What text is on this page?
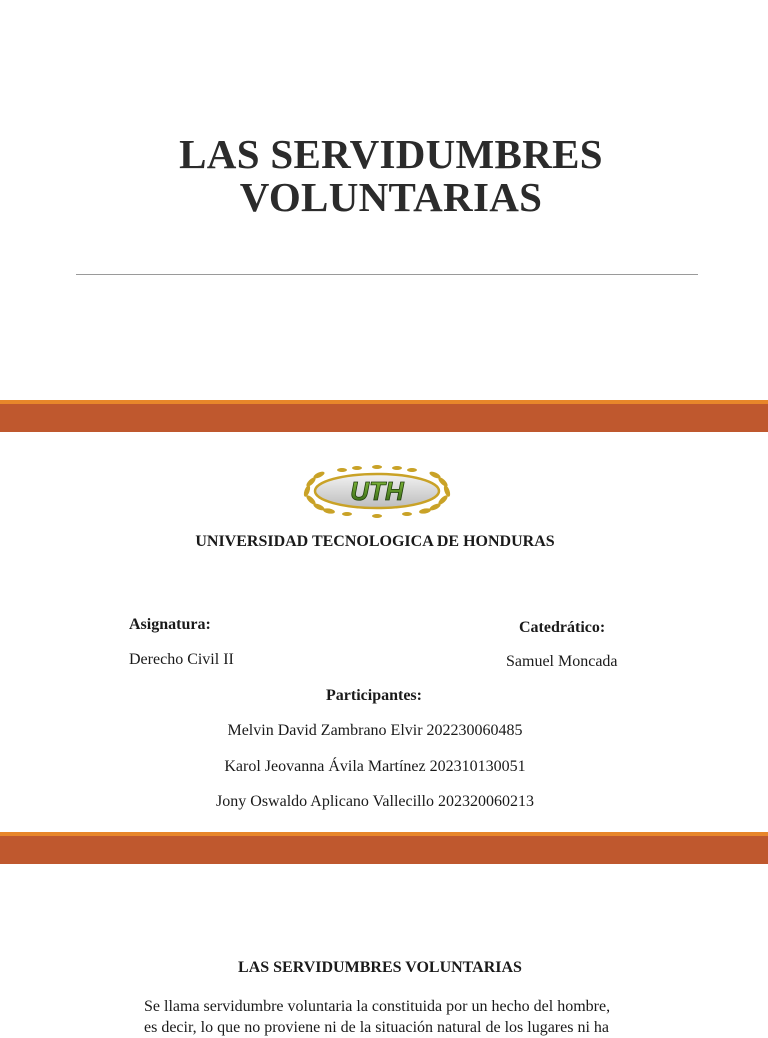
LAS SERVIDUMBRES
VOLUNTARIAS
UTH
UNIVERSIDAD TECNOLOGICA DE HONDURAS
Asignatura:
Derecho Civil II
Catedrático:
Samuel Moncada
Participantes:
Melvin David Zambrano Elvir 202230060485
Karol Jeovanna Ávila Martínez 202310130051
Jony Oswaldo Aplicano Vallecillo 202320060213
LAS SERVIDUMBRES VOLUNTARIAS
Se llama servidumbre voluntaria la constituida por un hecho del hombre,
es decir, lo que no proviene ni de la situación natural de los lugares ni ha
